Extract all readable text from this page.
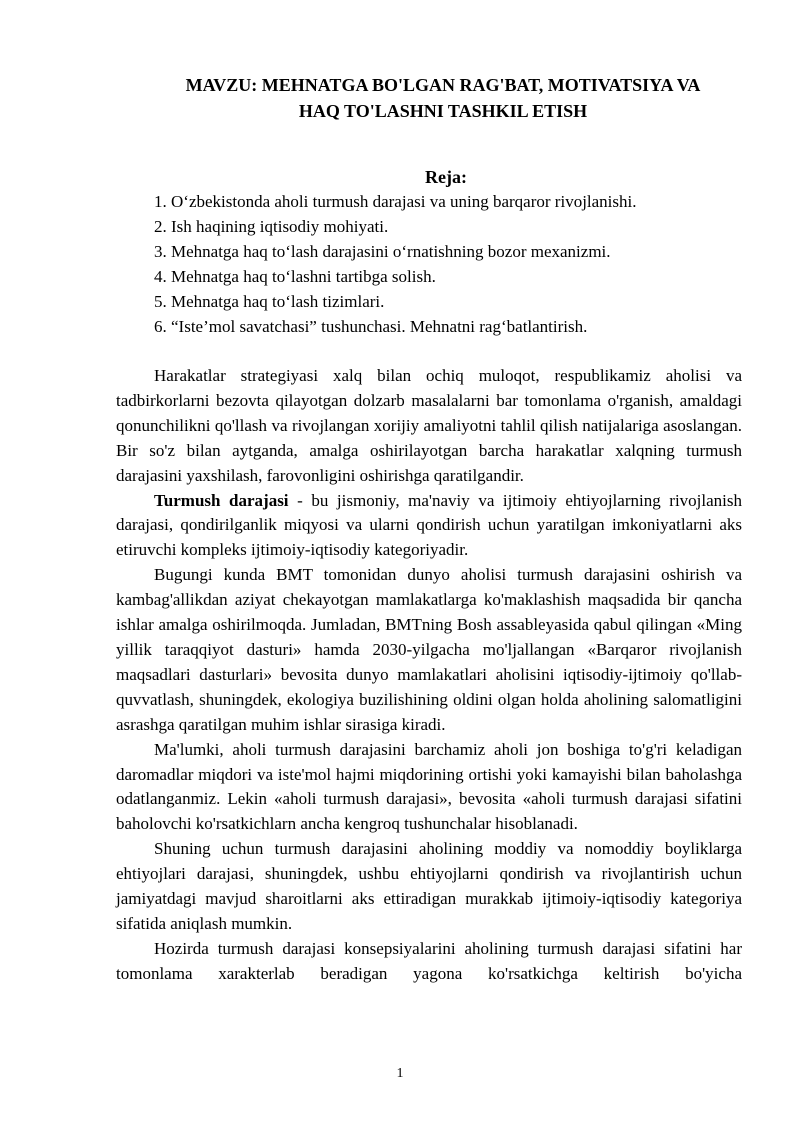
MAVZU: MEHNATGA BO'LGAN RAG'BAT, MOTIVATSIYA VA
HAQ TO'LASHNI TASHKIL ETISH
Reja:
1. O‘zbekistonda aholi turmush darajasi va uning barqaror rivojlanishi.
2. Ish haqining iqtisodiy mohiyati.
3. Mehnatga haq to‘lash darajasini o‘rnatishning bozor mexanizmi.
4. Mehnatga haq to‘lashni tartibga solish.
5. Mehnatga haq to‘lash tizimlari.
6. “Iste’mol savatchasi” tushunchasi. Mehnatni rag‘batlantirish.

Harakatlar strategiyasi xalq bilan ochiq muloqot, respublikamiz aholisi va tadbirkorlarni bezovta qilayotgan dolzarb masalalarni bar tomonlama o'rganish, amaldagi qonunchilikni qo'llash va rivojlangan xorijiy amaliyotni tahlil qilish natijalariga asoslangan. Bir so'z bilan aytganda, amalga oshirilayotgan barcha harakatlar xalqning turmush darajasini yaxshilash, farovonligini oshirishga qaratilgandir.

Turmush darajasi - bu jismoniy, ma'naviy va ijtimoiy ehtiyojlarning rivojlanish darajasi, qondirilganlik miqyosi va ularni qondirish uchun yaratilgan imkoniyatlarni aks etiruvchi kompleks ijtimoiy-iqtisodiy kategoriyadir.

Bugungi kunda BMT tomonidan dunyo aholisi turmush darajasini oshirish va kambag'allikdan aziyat chekayotgan mamlakatlarga ko'maklashish maqsadida bir qancha ishlar amalga oshirilmoqda. Jumladan, BMTning Bosh assableyasida qabul qilingan «Ming yillik taraqqiyot dasturi» hamda 2030-yilgacha mo'ljallangan «Barqaror rivojlanish maqsadlari dasturlari» bevosita dunyo mamlakatlari aholisini iqtisodiy-ijtimoiy qo'llab-quvvatlash, shuningdek, ekologiya buzilishining oldini olgan holda aholining salomatligini asrashga qaratilgan muhim ishlar sirasiga kiradi.

Ma'lumki, aholi turmush darajasini barchamiz aholi jon boshiga to'g'ri keladigan daromadlar miqdori va iste'mol hajmi miqdorining ortishi yoki kamayishi bilan baholashga odatlanganmiz. Lekin «aholi turmush darajasi», bevosita «aholi turmush darajasi sifatini baholovchi ko'rsatkichlarn ancha kengroq tushunchalar hisoblanadi.

Shuning uchun turmush darajasini aholining moddiy va nomoddiy boyliklarga ehtiyojlari darajasi, shuningdek, ushbu ehtiyojlarni qondirish va rivojlantirish uchun jamiyatdagi mavjud sharoitlarni aks ettiradigan murakkab ijtimoiy-iqtisodiy kategoriya sifatida aniqlash mumkin.

Hozirda turmush darajasi konsepsiyalarini aholining turmush darajasi sifatini har tomonlama xarakterlab beradigan yagona ko'rsatkichga keltirish bo'yicha

1
